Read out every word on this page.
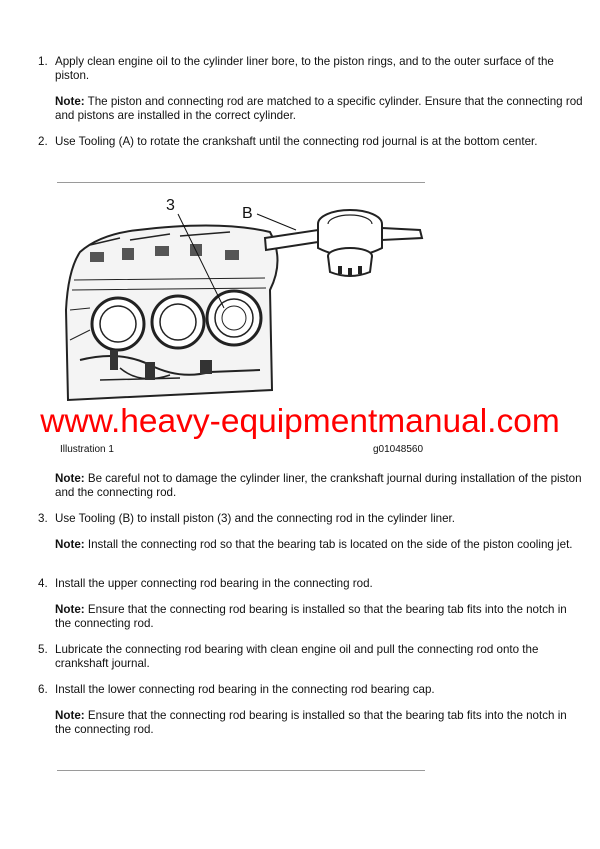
1. Apply clean engine oil to the cylinder liner bore, to the piston rings, and to the outer surface of the piston.
Note: The piston and connecting rod are matched to a specific cylinder. Ensure that the connecting rod and pistons are installed in the correct cylinder.
2. Use Tooling (A) to rotate the crankshaft until the connecting rod journal is at the bottom center.
3	B
www.heavy-equipmentmanual.com
Illustration 1	g01048560
Note: Be careful not to damage the cylinder liner, the crankshaft journal during installation of the piston and the connecting rod.
3. Use Tooling (B) to install piston (3) and the connecting rod in the cylinder liner.
Note: Install the connecting rod so that the bearing tab is located on the side of the piston cooling jet.
4. Install the upper connecting rod bearing in the connecting rod.
Note: Ensure that the connecting rod bearing is installed so that the bearing tab fits into the notch in the connecting rod.
5. Lubricate the connecting rod bearing with clean engine oil and pull the connecting rod onto the crankshaft journal.
6. Install the lower connecting rod bearing in the connecting rod bearing cap.
Note: Ensure that the connecting rod bearing is installed so that the bearing tab fits into the notch in the connecting rod.
